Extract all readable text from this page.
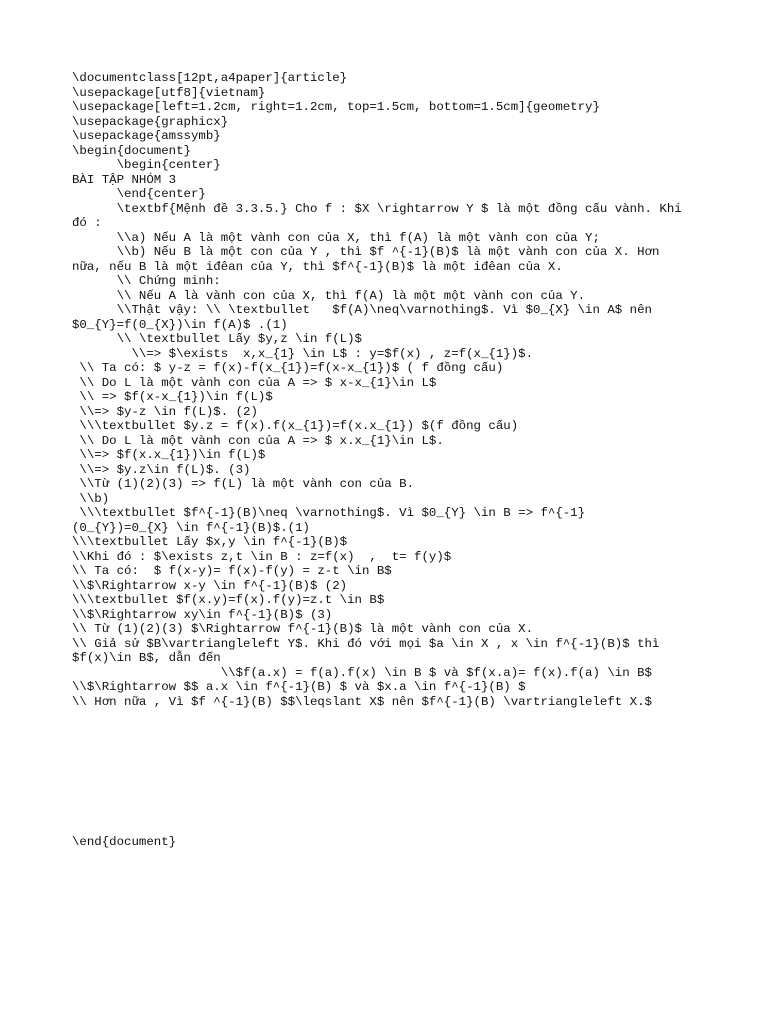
\documentclass[12pt,a4paper]{article}
\usepackage[utf8]{vietnam}
\usepackage[left=1.2cm, right=1.2cm, top=1.5cm, bottom=1.5cm]{geometry}
\usepackage{graphicx}
\usepackage{amssymb}
\begin{document}
\begin{center}
BÀI TẬP NHÓM 3
\end{center}
\textbf{Mệnh đề 3.3.5.} Cho f : $X \rightarrow Y $ là một đồng cấu vành. Khi
đó :
\\a) Nếu A là một vành con của X, thì f(A) là một vành con của Y;
\\b) Nếu B là một con của Y , thì $f ^{-1}(B)$ là một vành con của X. Hơn
nữa, nếu B là một iđêan của Y, thì $f^{-1}(B)$ là một iđêan của X.
\\ Chứng minh:
\\ Nếu A là vành con của X, thì f(A) là một một vành con của Y.
\\Thật vậy: \\ \textbullet   $f(A)\neq\varnothing$. Vì $0_{X} \in A$ nên
$0_{Y}=f(0_{X})\in f(A)$ .(1)
\\ \textbullet Lấy $y,z \in f(L)$
\\=> $\exists  x,x_{1} \in L$ : y=$f(x) , z=f(x_{1})$.
\\ Ta có: $ y-z = f(x)-f(x_{1})=f(x-x_{1})$ ( f đồng cấu)
\\ Do L là một vành con của A => $ x-x_{1}\in L$
\\ => $f(x-x_{1})\in f(L)$
\\=> $y-z \in f(L)$. (2)
\\\textbullet $y.z = f(x).f(x_{1})=f(x.x_{1}) $(f đồng cấu)
\\ Do L là một vành con của A => $ x.x_{1}\in L$.
\\=> $f(x.x_{1})\in f(L)$
\\=> $y.z\in f(L)$. (3)
\\Từ (1)(2)(3) => f(L) là một vành con của B.
\\b)
\\\textbullet $f^{-1}(B)\neq \varnothing$. Vì $0_{Y} \in B => f^{-1}
(0_{Y})=0_{X} \in f^{-1}(B)$.(1)
\\\textbullet Lấy $x,y \in f^{-1}(B)$
\\Khi đó : $\exists z,t \in B : z=f(x)  ,  t= f(y)$
\\ Ta có:  $ f(x-y)= f(x)-f(y) = z-t \in B$
\\$\Rightarrow x-y \in f^{-1}(B)$ (2)
\\\textbullet $f(x.y)=f(x).f(y)=z.t \in B$
\\$\Rightarrow xy\in f^{-1}(B)$ (3)
\\ Từ (1)(2)(3) $\Rightarrow f^{-1}(B)$ là một vành con của X.
\\ Giả sử $B\vartriangleleft Y$. Khi đó với mọi $a \in X , x \in f^{-1}(B)$ thì
$f(x)\in B$, dẫn đến
\\$f(a.x) = f(a).f(x) \in B $ và $f(x.a)= f(x).f(a) \in B$
\\$\Rightarrow $$ a.x \in f^{-1}(B) $ và $x.a \in f^{-1}(B) $
\\ Hơn nữa , Vì $f ^{-1}(B) $$\leqslant X$ nên $f^{-1}(B) \vartriangleleft X.$
\end{document}
